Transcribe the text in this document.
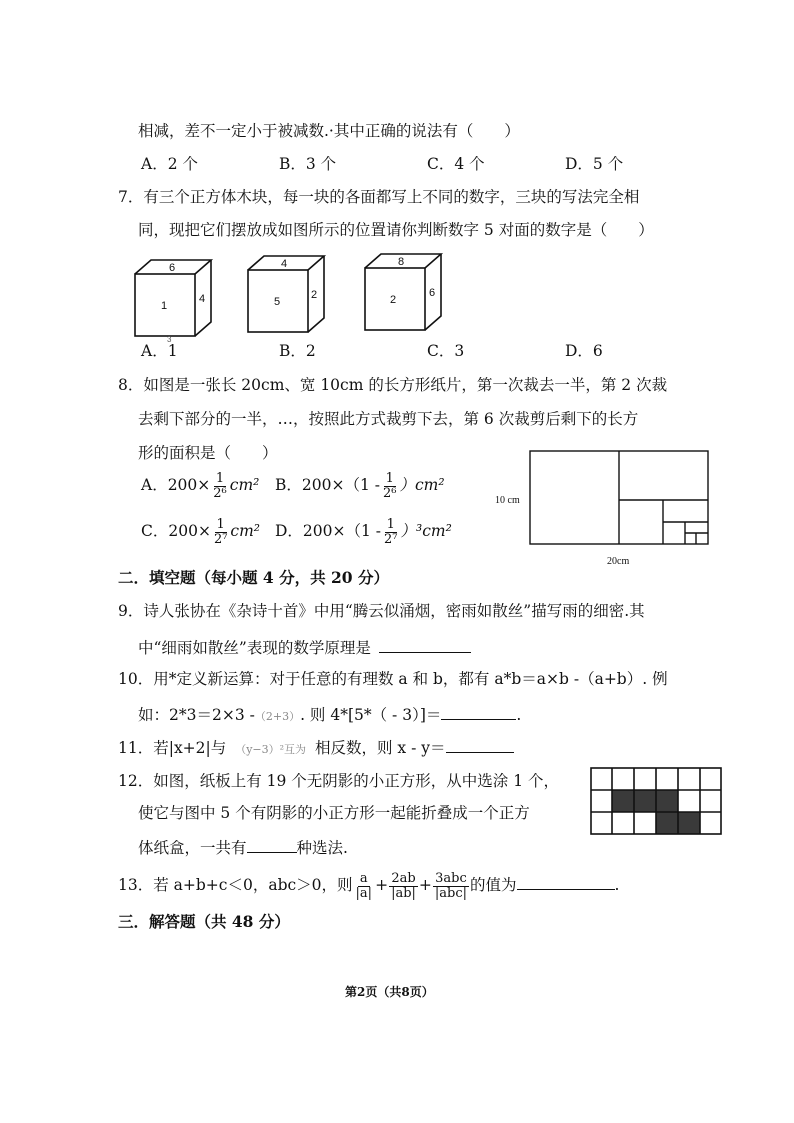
相减，差不一定小于被减数.·其中正确的说法有（　　）
A．2 个	B．3 个	C．4 个	D．5 个
7．有三个正方体木块，每一块的各面都写上不同的数字，三块的写法完全相
同，现把它们摆放成如图所示的位置请你判断数字 5 对面的数字是（　　）
6
1
4
3
4
5
2
8
2
6
A．1	B．2	C．3	D．6
8．如图是一张长 20cm、宽 10cm 的长方形纸片，第一次裁去一半，第 2 次裁
去剩下部分的一半，…，按照此方式裁剪下去，第 6 次裁剪后剩下的长方
形的面积是（　　）
A．$200\times \frac{1}{\text{2⁶}} cm^2$ B．$200\times(1 - \frac{1}{\text{2⁶}} )cm^2$
C．$200\times \frac{1}{\text{2⁷}} cm^2$ D．$200\times(1 - \frac{1}{\text{2⁷}} )^3cm^2$
10 cm
20cm
二．填空题（每小题 4 分，共 20 分）
9．诗人张协在《杂诗十首》中用“腾云似涌烟，密雨如散丝”描写雨的细密.其
中“细雨如散丝”表现的数学原理是
10．用*定义新运算：对于任意的有理数 a 和 b，都有 a*b＝a×b -（a+b）. 例
如：2*3＝2×3 -（2+3）. 则 4*[5*（ - 3）]＝	.
11．若|x+2|与 （y−3）²互为 相反数，则 x - y＝
12．如图，纸板上有 19 个无阴影的小正方形，从中选涂 1 个，
使它与图中 5 个有阴影的小正方形一起能折叠成一个正方
体纸盒，一共有	种选法.
13．若 a+b+c＜0，abc＞0，则 $\frac{a}{|a|} + \frac{2ab}{|ab|} + \frac{\text{3abc}}{\text{|abc|}}$ 的值为	.
三．解答题（共 48 分）
第2页（共8页）
